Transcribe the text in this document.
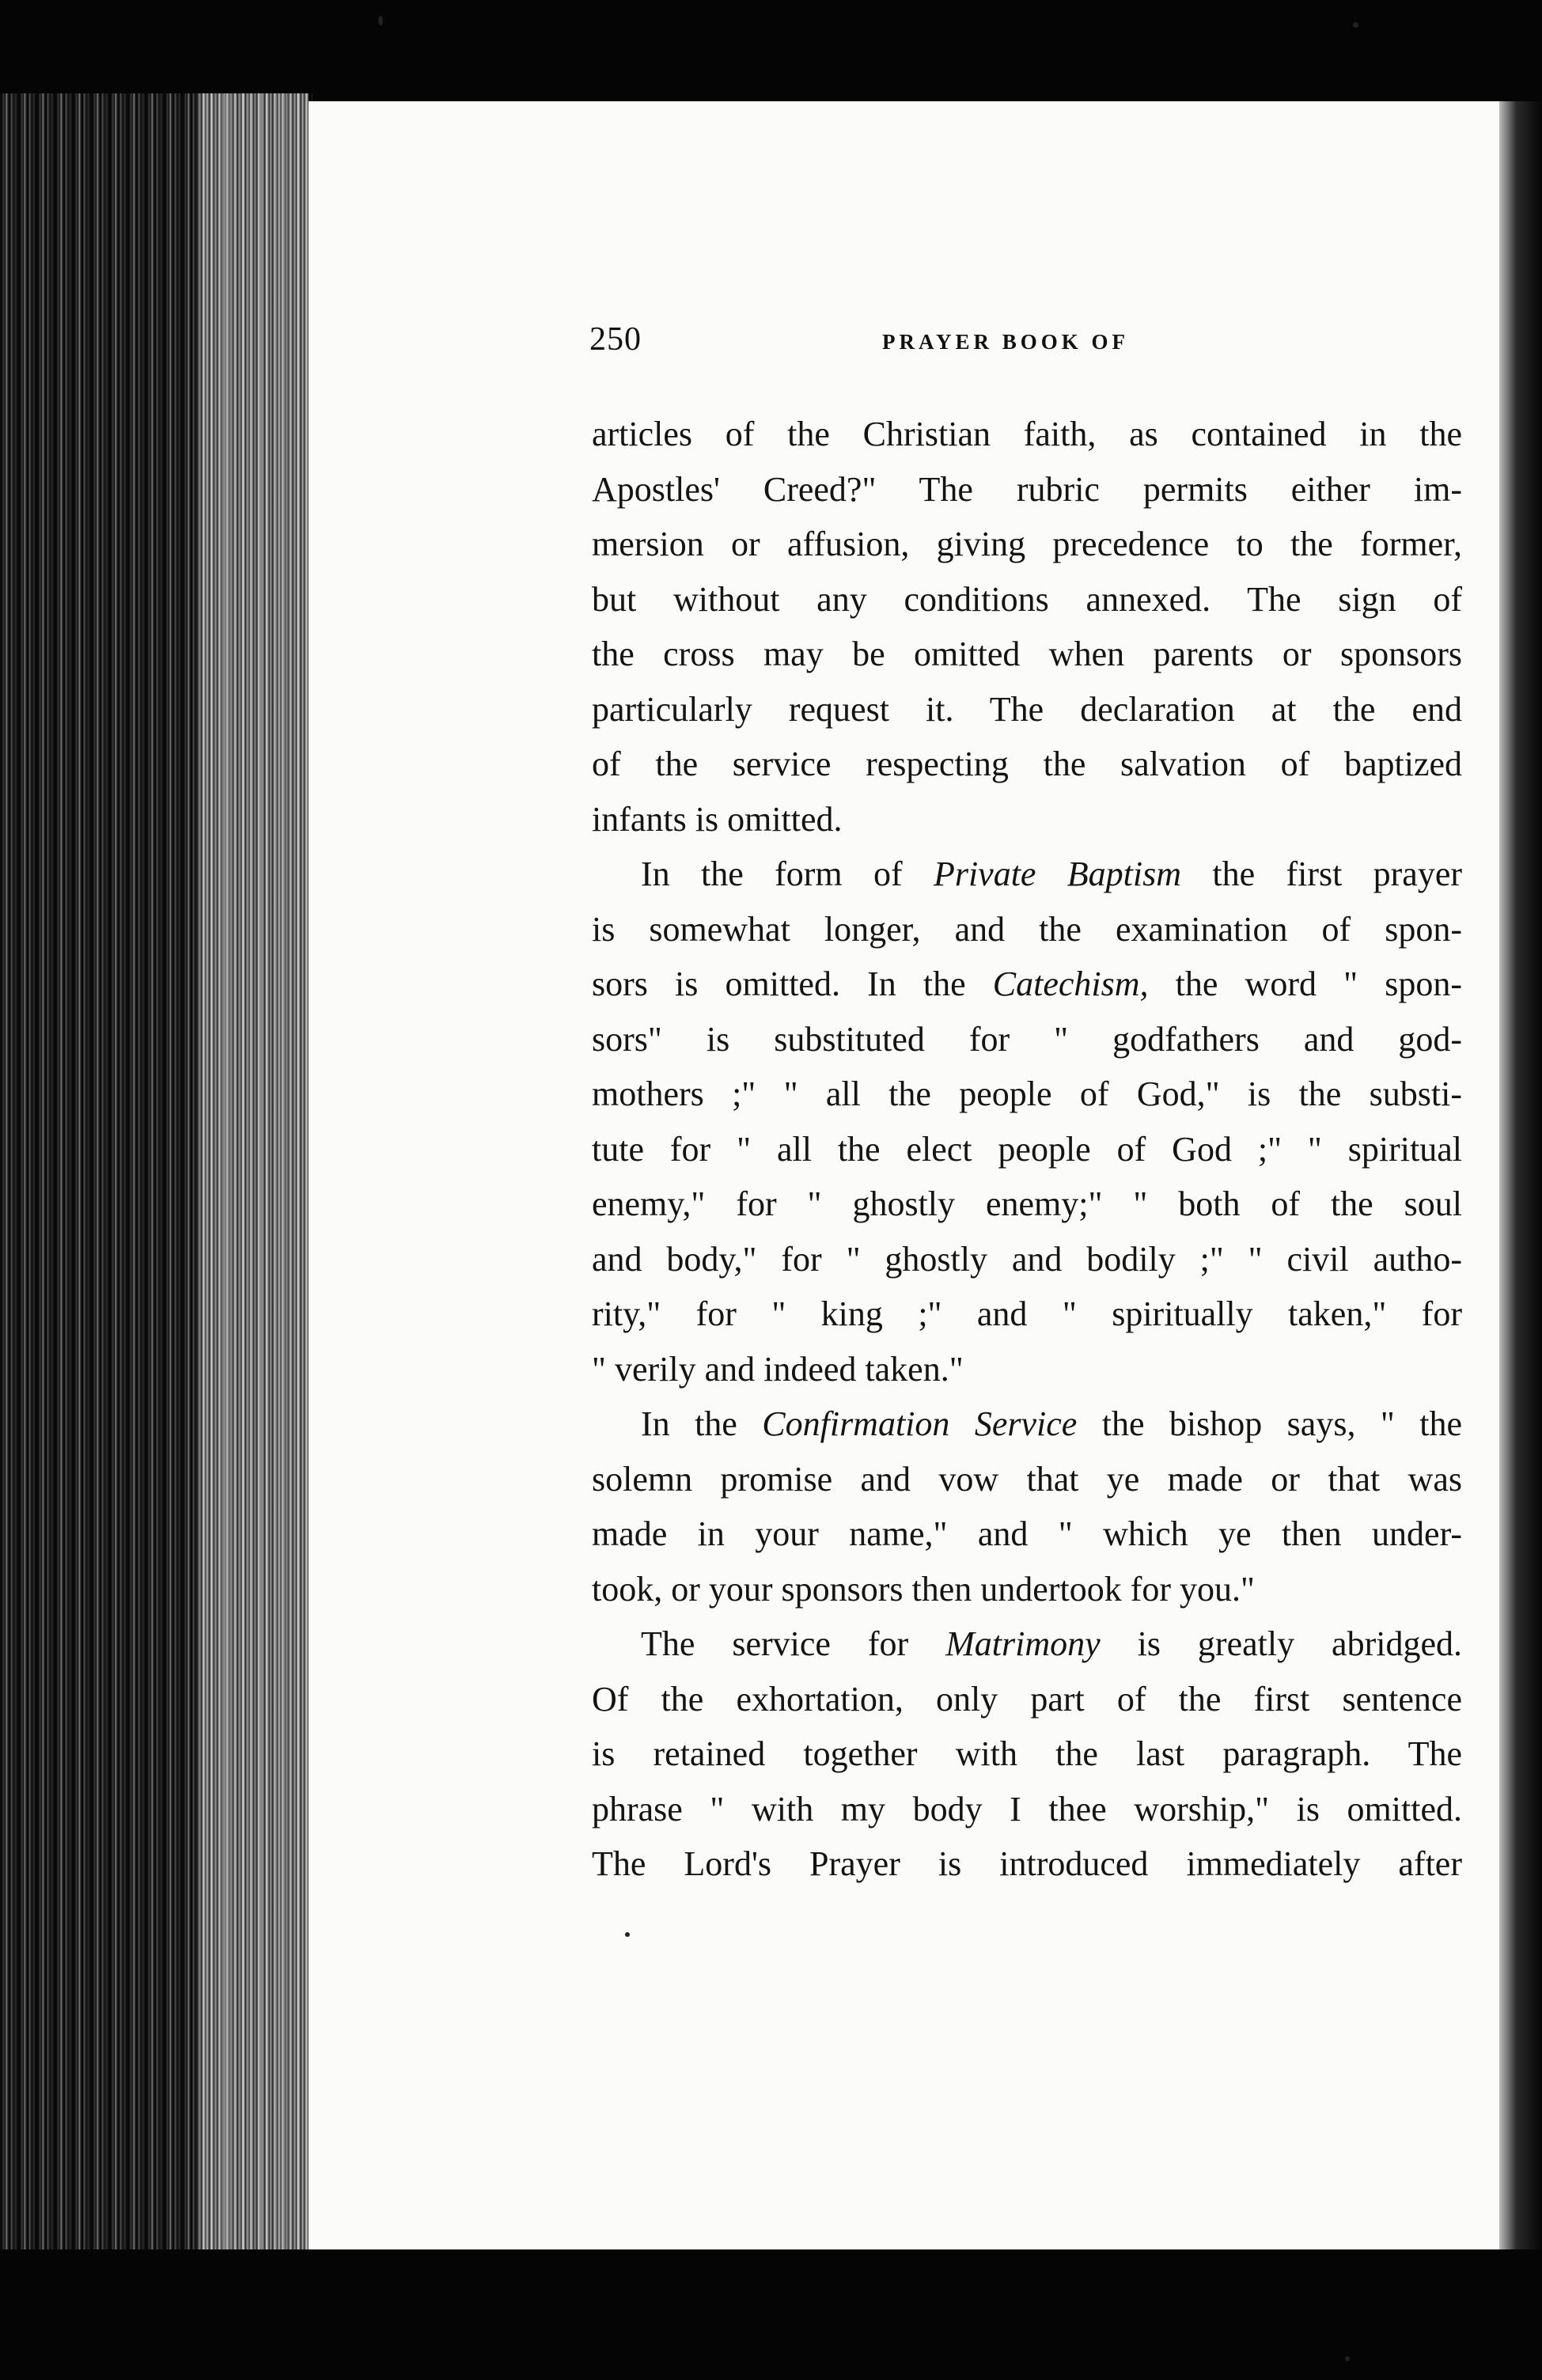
250	PRAYER BOOK OF
articles of the Christian faith, as contained in the
Apostles' Creed?" The rubric permits either im-
mersion or affusion, giving precedence to the former,
but without any conditions annexed. The sign of
the cross may be omitted when parents or sponsors
particularly request it. The declaration at the end
of the service respecting the salvation of baptized
infants is omitted.
In the form of Private Baptism the first prayer
is somewhat longer, and the examination of spon-
sors is omitted. In the Catechism, the word " spon-
sors" is substituted for " godfathers and god-
mothers ;" " all the people of God," is the substi-
tute for " all the elect people of God ;" " spiritual
enemy," for " ghostly enemy;" " both of the soul
and body," for " ghostly and bodily ;" " civil autho-
rity," for " king ;" and " spiritually taken," for
" verily and indeed taken."
In the Confirmation Service the bishop says, " the
solemn promise and vow that ye made or that was
made in your name," and " which ye then under-
took, or your sponsors then undertook for you."
The service for Matrimony is greatly abridged.
Of the exhortation, only part of the first sentence
is retained together with the last paragraph. The
phrase " with my body I thee worship," is omitted.
The Lord's Prayer is introduced immediately after
